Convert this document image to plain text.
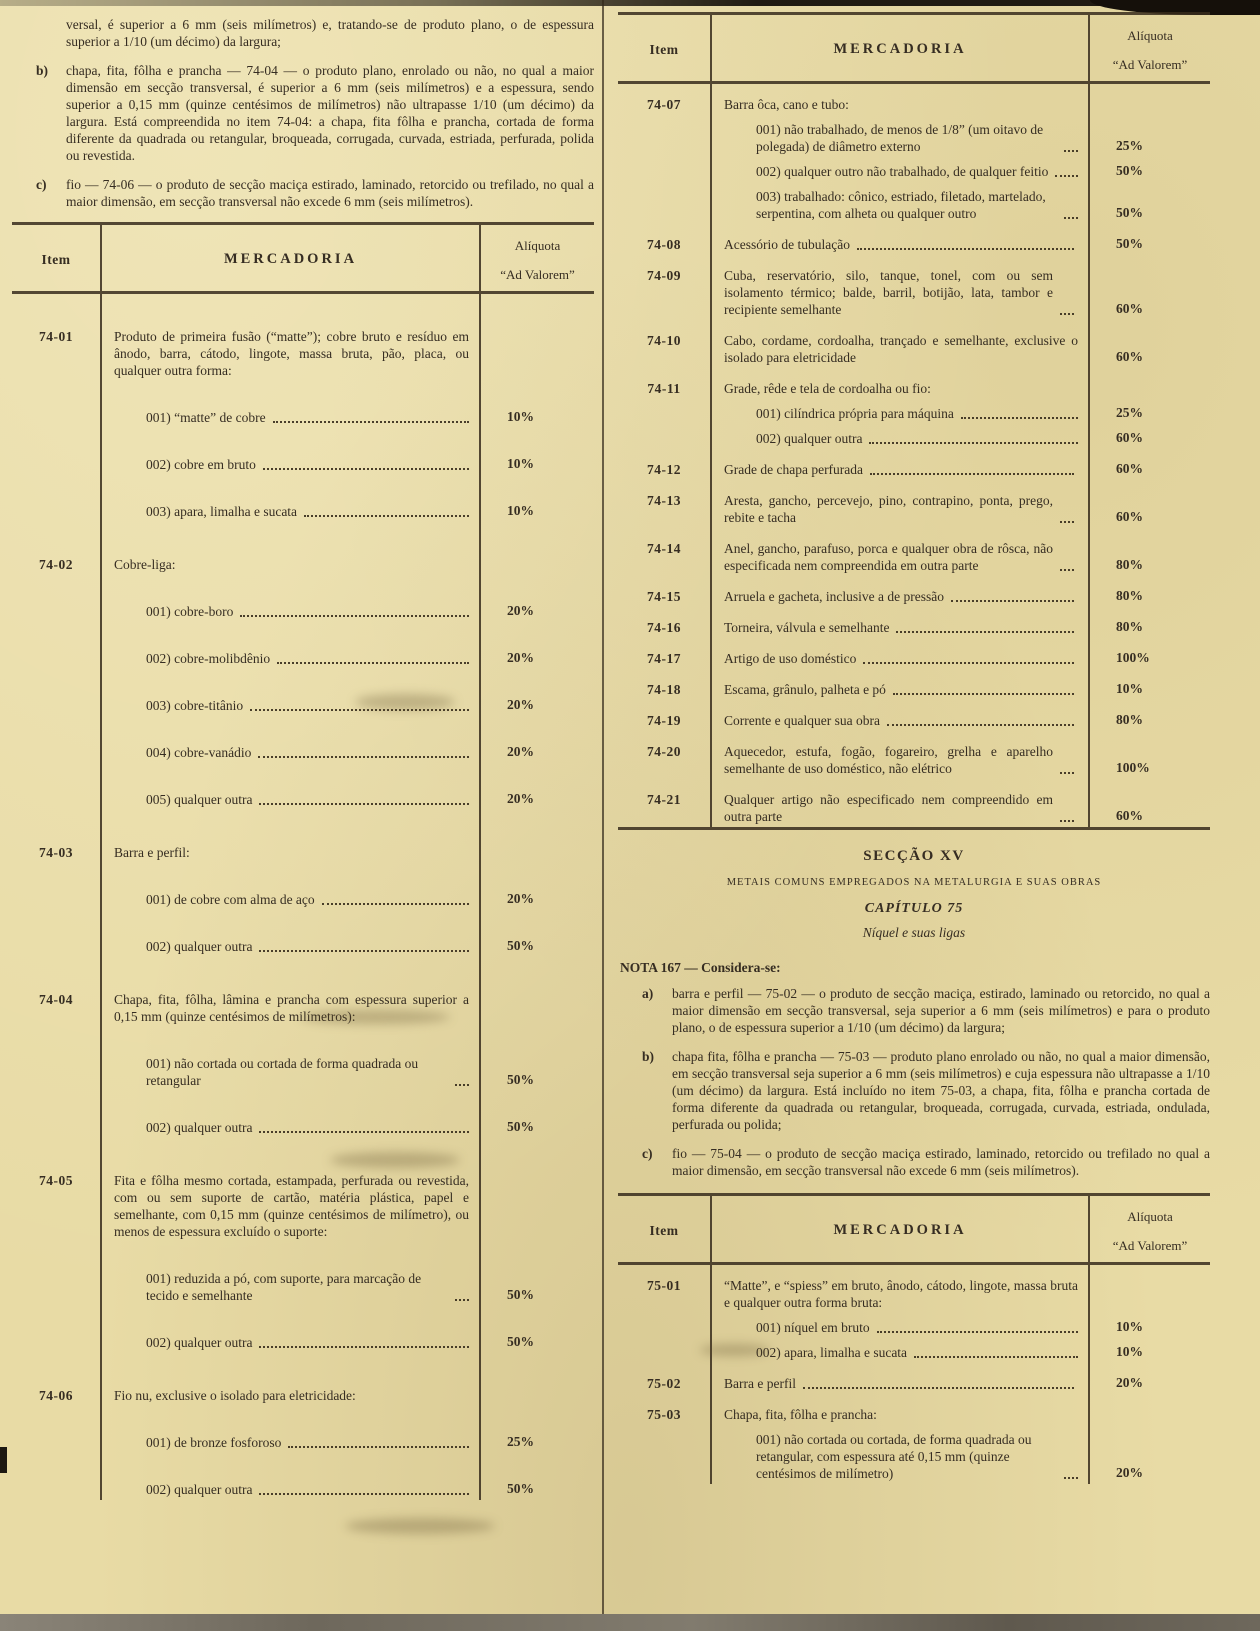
versal, é superior a 6 mm (seis milímetros) e, tratando-se de produto plano, o de espessura superior a 1/10 (um décimo) da largura;
b)	chapa, fita, fôlha e prancha — 74-04 — o produto plano, enrolado ou não, no qual a maior dimensão em secção transversal, é superior a 6 mm (seis milímetros) e a espessura, sendo superior a 0,15 mm (quinze centésimos de milímetros) não ultrapasse 1/10 (um décimo) da largura. Está compreendida no item 74-04: a chapa, fita fôlha e prancha, cortada de forma diferente da quadrada ou retangular, broqueada, corrugada, curvada, estriada, perfurada, polida ou revestida.
c)	fio — 74-06 — o produto de secção maciça estirado, laminado, retorcido ou trefilado, no qual a maior dimensão, em secção transversal não excede 6 mm (seis milímetros).
Item	MERCADORIA
Alíquota
“Ad Valorem”
74-01	Produto de primeira fusão (“matte”); cobre bruto e resíduo em ânodo, barra, cátodo, lingote, massa bruta, pão, placa, ou qualquer outra forma:
001) “matte” de cobre	10%
002) cobre em bruto	10%
003) apara, limalha e sucata	10%
74-02	Cobre-liga:
001) cobre-boro	20%
002) cobre-molibdênio	20%
003) cobre-titânio	20%
004) cobre-vanádio	20%
005) qualquer outra	20%
74-03	Barra e perfil:
001) de cobre com alma de aço	20%
002) qualquer outra	50%
74-04	Chapa, fita, fôlha, lâmina e prancha com espessura superior a 0,15 mm (quinze centésimos de milímetros):
001) não cortada ou cortada de forma quadrada ou retangular	50%
002) qualquer outra	50%
74-05	Fita e fôlha mesmo cortada, estampada, perfurada ou revestida, com ou sem suporte de cartão, matéria plástica, papel e semelhante, com 0,15 mm (quinze centésimos de milímetro), ou menos de espessura excluído o suporte:
001) reduzida a pó, com suporte, para marcação de tecido e semelhante	50%
002) qualquer outra	50%
74-06	Fio nu, exclusive o isolado para eletricidade:
001) de bronze fosforoso	25%
002) qualquer outra	50%
Item	MERCADORIA
Alíquota
“Ad Valorem”
74-07	Barra ôca, cano e tubo:
001) não trabalhado, de menos de 1/8” (um oitavo de polegada) de diâmetro externo	25%
002) qualquer outro não trabalhado, de qualquer feitio	50%
003) trabalhado: cônico, estriado, filetado, martelado, serpentina, com alheta ou qualquer outro	50%
74-08	Acessório de tubulação	50%
74-09	Cuba, reservatório, silo, tanque, tonel, com ou sem isolamento térmico; balde, barril, botijão, lata, tambor e recipiente semelhante	60%
74-10	Cabo, cordame, cordoalha, trançado e semelhante, exclusive o isolado para eletricidade	60%
74-11	Grade, rêde e tela de cordoalha ou fio:
001) cilíndrica própria para máquina	25%
002) qualquer outra	60%
74-12	Grade de chapa perfurada	60%
74-13	Aresta, gancho, percevejo, pino, contrapino, ponta, prego, rebite e tacha	60%
74-14	Anel, gancho, parafuso, porca e qualquer obra de rôsca, não especificada nem compreendida em outra parte	80%
74-15	Arruela e gacheta, inclusive a de pressão	80%
74-16	Torneira, válvula e semelhante	80%
74-17	Artigo de uso doméstico	100%
74-18	Escama, grânulo, palheta e pó	10%
74-19	Corrente e qualquer sua obra	80%
74-20	Aquecedor, estufa, fogão, fogareiro, grelha e aparelho semelhante de uso doméstico, não elétrico	100%
74-21	Qualquer artigo não especificado nem compreendido em outra parte	60%
SECÇÃO XV
METAIS COMUNS EMPREGADOS NA METALURGIA E SUAS OBRAS
CAPÍTULO 75
Níquel e suas ligas
NOTA 167 — Considera-se:
a)	barra e perfil — 75-02 — o produto de secção maciça, estirado, laminado ou retorcido, no qual a maior dimensão em secção transversal, seja superior a 6 mm (seis milímetros) e para o produto plano, o de espessura superior a 1/10 (um décimo) da largura;
b)	chapa fita, fôlha e prancha — 75-03 — produto plano enrolado ou não, no qual a maior dimensão, em secção transversal seja superior a 6 mm (seis milímetros) e cuja espessura não ultrapasse a 1/10 (um décimo) da largura. Está incluído no item 75-03, a chapa, fita, fôlha e prancha cortada de forma diferente da quadrada ou retangular, broqueada, corrugada, curvada, estriada, ondulada, perfurada ou polida;
c)	fio — 75-04 — o produto de secção maciça estirado, laminado, retorcido ou trefilado no qual a maior dimensão, em secção transversal não excede 6 mm (seis milímetros).
Item	MERCADORIA
Alíquota
“Ad Valorem”
75-01	“Matte”, e “spiess” em bruto, ânodo, cátodo, lingote, massa bruta e qualquer outra forma bruta:
001) níquel em bruto	10%
002) apara, limalha e sucata	10%
75-02	Barra e perfil	20%
75-03	Chapa, fita, fôlha e prancha:
001) não cortada ou cortada, de forma quadrada ou retangular, com espessura até 0,15 mm (quinze centésimos de milímetro)	20%
